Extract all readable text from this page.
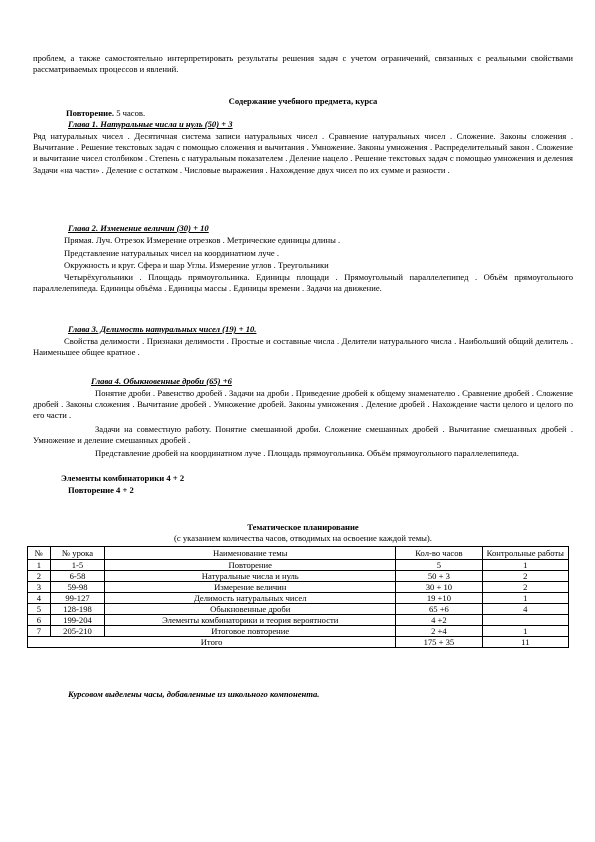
проблем, а также самостоятельно интерпретировать результаты решения задач с учетом ограничений, связанных с реальными свойствами рассматриваемых процессов и явлений.

Содержание учебного предмета, курса

Повторение. 5 часов.

Глава 1. Натуральные числа и нуль (50) + 3

Ряд натуральных чисел . Десятичная система записи натуральных чисел . Сравнение натуральных чисел . Сложение. Законы сложения . Вычитание . Решение текстовых задач с помощью сложения и вычитания . Умножение. Законы умножения . Распределительный закон . Сложение и вычитание чисел столбиком . Степень с натуральным показателем . Деление нацело . Решение текстовых задач с помощью умножения и деления Задачи «на части» . Деление с остатком . Числовые выражения . Нахождение двух чисел по их сумме и разности .

Глава 2. Изменение величин (30) + 10

Прямая. Луч. Отрезок Измерение отрезков . Метрические единицы длины .

Представление натуральных чисел на координатном луче .

Окружность и круг. Сфера и шар Углы. Измерение углов . Треугольники

Четырёхугольники . Площадь прямоугольника. Единицы площади . Прямоугольный параллелепипед . Объём прямоугольного параллелепипеда. Единицы объёма . Единицы массы . Единицы времени . Задачи на движение.

Глава 3. Делимость натуральных чисел (19) + 10.

Свойства делимости . Признаки делимости . Простые и составные числа . Делители натурального числа . Наибольший общий делитель . Наименьшее общее кратное .

Глава 4. Обыкновенные дроби (65) +6

Понятие дроби . Равенство дробей . Задачи на дроби . Приведение дробей к общему знаменателю . Сравнение дробей . Сложение дробей . Законы сложения . Вычитание дробей . Умножение дробей. Законы умножения . Деление дробей . Нахождение части целого и целого по его части .

Задачи на совместную работу. Понятие смешанной дроби. Сложение смешанных дробей . Вычитание смешанных дробей . Умножение и деление смешанных дробей .

Представление дробей на координатном луче . Площадь прямоугольника. Объём прямоугольного параллелепипеда.

Элементы комбинаторики 4 + 2

Повторение 4 + 2

Тематическое планирование

(с указанием количества часов, отводимых на освоение каждой темы).

№	№ урока	Наименование темы	Кол-во часов	Контрольные работы
1	1-5	Повторение	5	1
2	6-58	Натуральные числа и нуль	50 + 3	2
3	59-98	Измерение величин	30 + 10	2
4	99-127	Делимость натуральных чисел	19 +10	1
5	128-198	Обыкновенные дроби	65 +6	4
6	199-204	Элементы комбинаторики и теория вероятности	4 +2	
7	205-210	Итоговое повторение	2 +4	1
Итого			175 + 35	11

Курсовом выделены часы, добавленные из школьного компонента.
